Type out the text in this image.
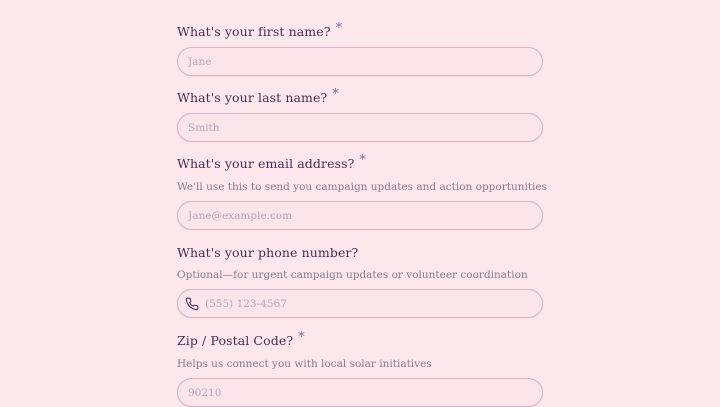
What's your first name? *
Jane
What's your last name? *
Smith
What's your email address? *
We'll use this to send you campaign updates and action opportunities
Jane@example.com
What's your phone number?
Optional—for urgent campaign updates or volunteer coordination
(555) 123-4567
Zip / Postal Code? *
Helps us connect you with local solar initiatives
90210
